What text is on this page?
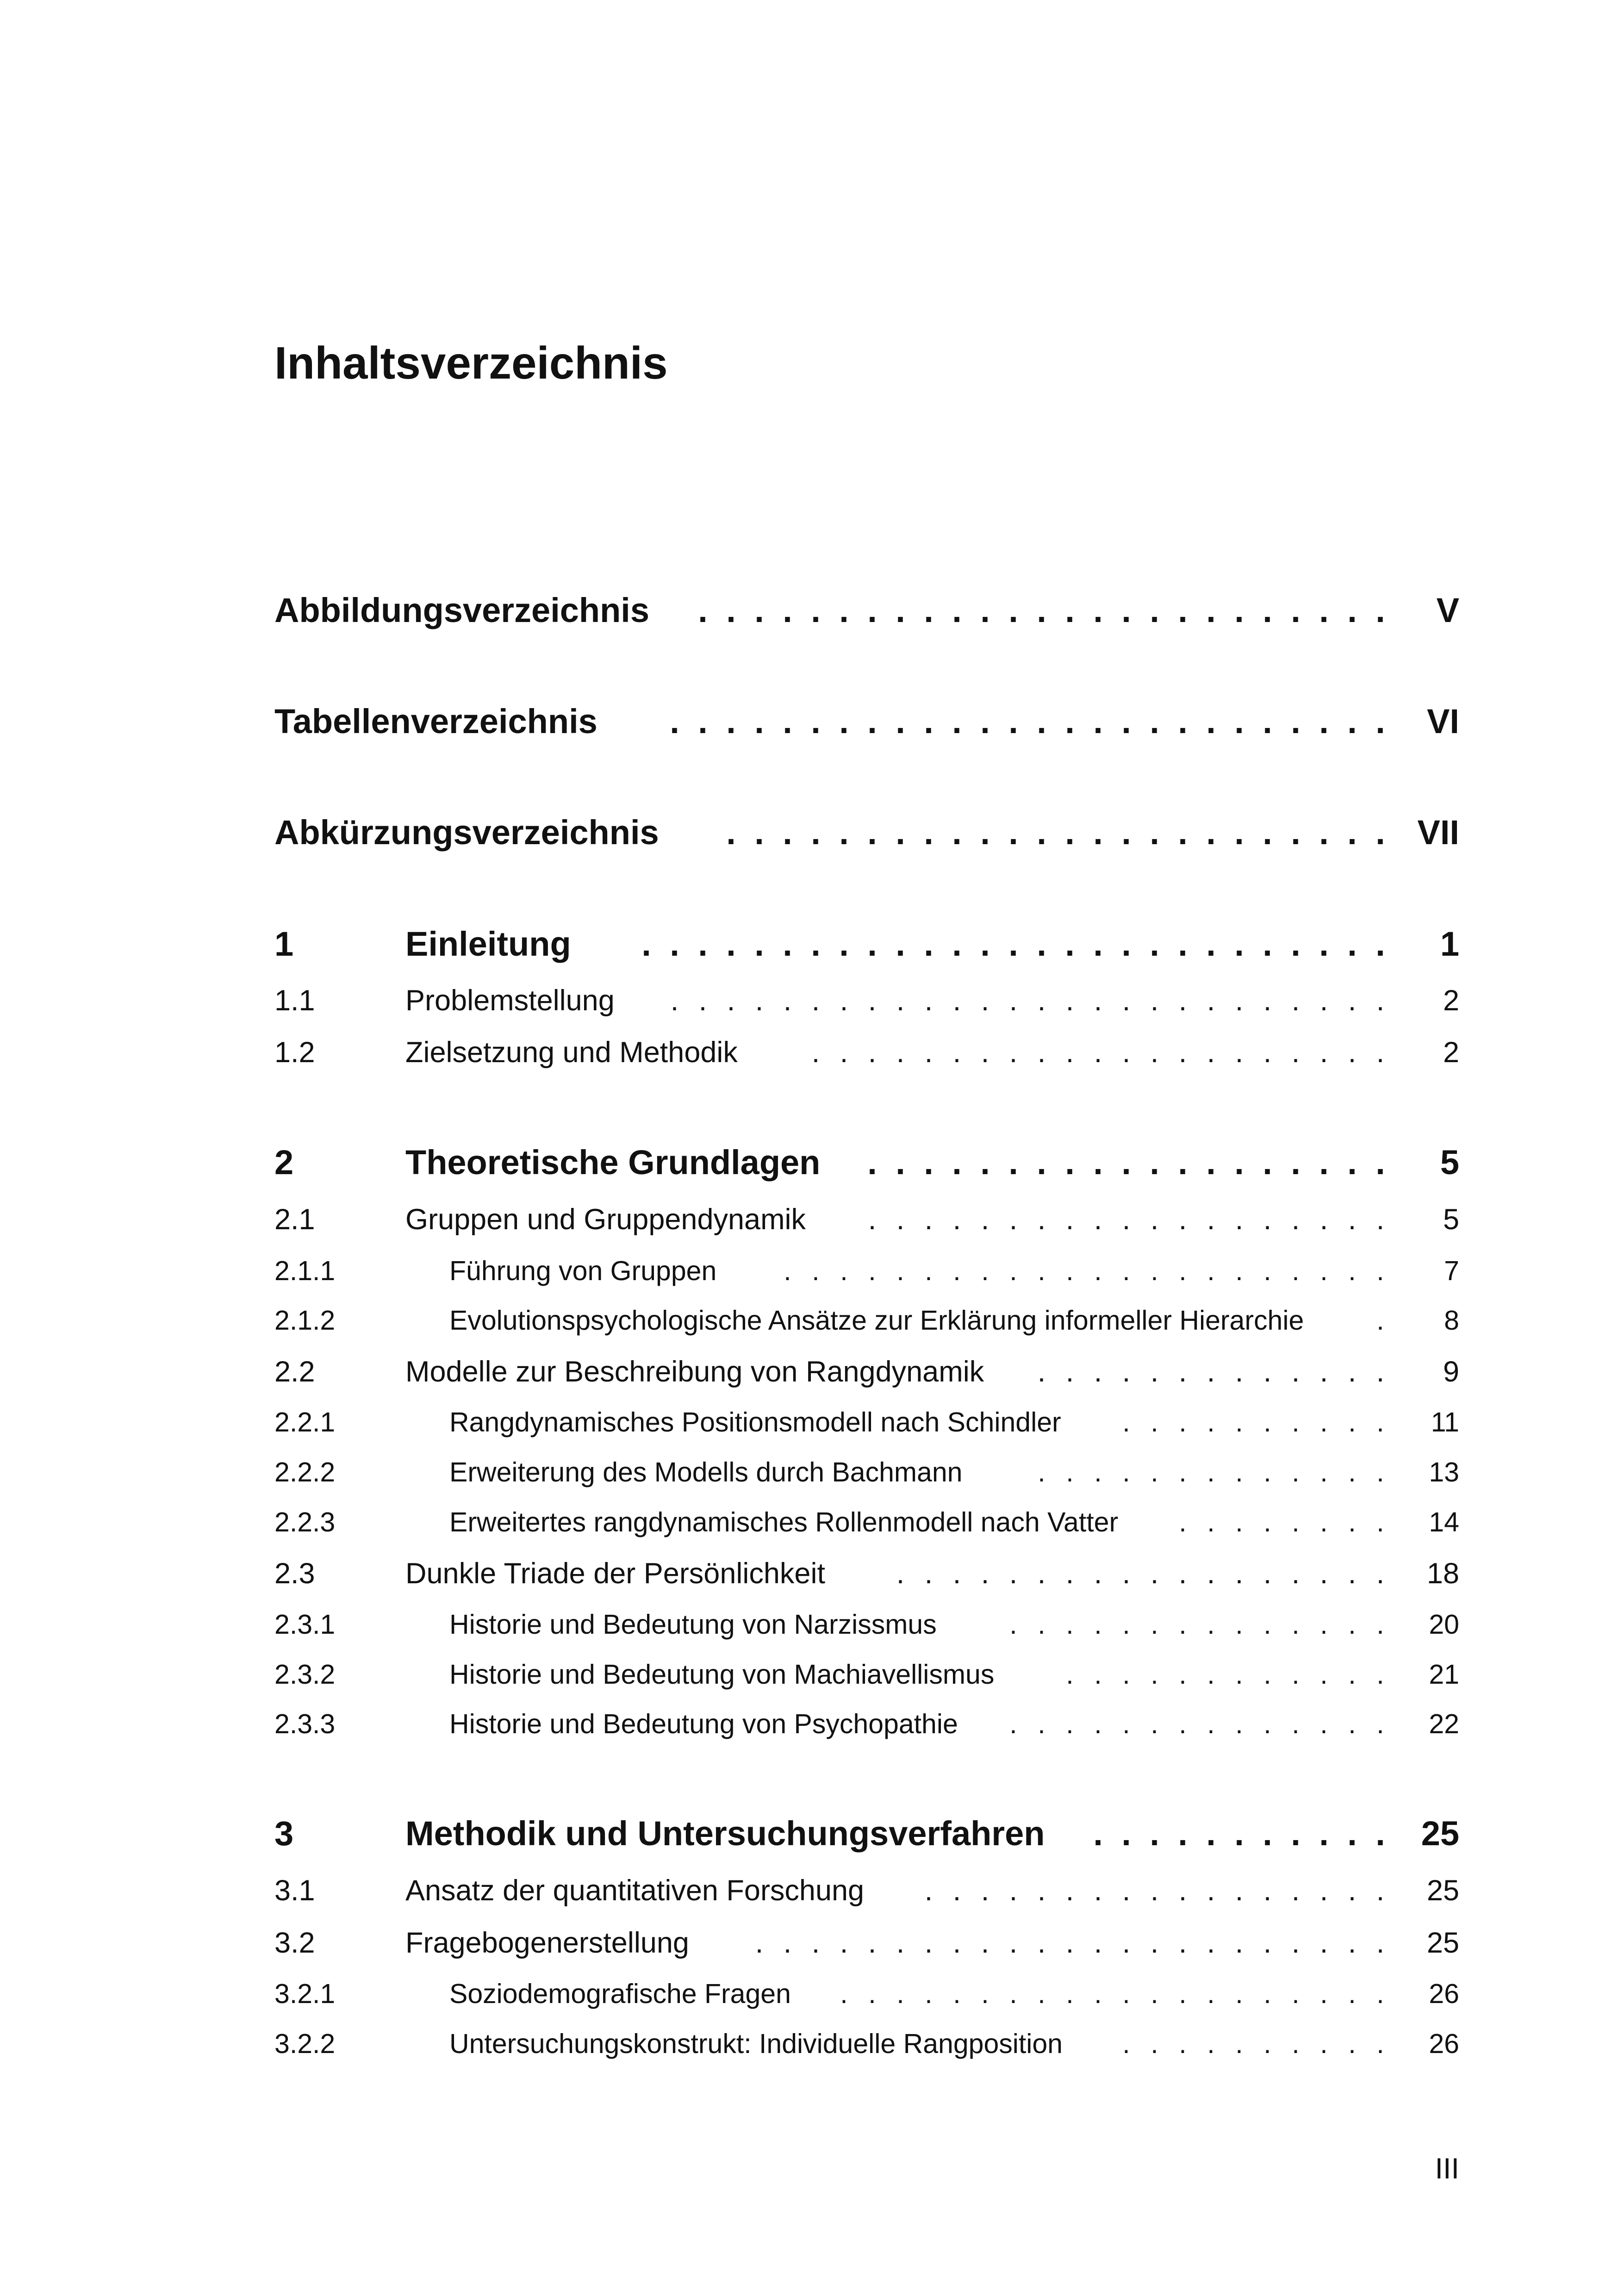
Inhaltsverzeichnis
Abbildungsverzeichnis	V
. . . . . . . . . . . . . . . . . . . . . . . . .
Tabellenverzeichnis	VI
. . . . . . . . . . . . . . . . . . . . . . . . . .
Abkürzungsverzeichnis	VII
. . . . . . . . . . . . . . . . . . . . . . . .
1	Einleitung	1
. . . . . . . . . . . . . . . . . . . . . . . . . . .
1.1	Problemstellung	2
. . . . . . . . . . . . . . . . . . . . . . . . . .
1.2	Zielsetzung und Methodik	2
. . . . . . . . . . . . . . . . . . . . .
2	Theoretische Grundlagen	5
. . . . . . . . . . . . . . . . . . .
2.1	Gruppen und Gruppendynamik	5
. . . . . . . . . . . . . . . . . . .
2.1.1	Führung von Gruppen	7
. . . . . . . . . . . . . . . . . . . . . .
2.1.2	Evolutionspsychologische Ansätze zur Erklärung informeller Hierarchie	8
.
2.2	Modelle zur Beschreibung von Rangdynamik	9
. . . . . . . . . . . . .
2.2.1	Rangdynamisches Positionsmodell nach Schindler	11
. . . . . . . . . .
2.2.2	Erweiterung des Modells durch Bachmann	13
. . . . . . . . . . . . .
2.2.3	Erweitertes rangdynamisches Rollenmodell nach Vatter	14
. . . . . . . .
2.3	Dunkle Triade der Persönlichkeit	18
. . . . . . . . . . . . . . . . . .
2.3.1	Historie und Bedeutung von Narzissmus	20
. . . . . . . . . . . . . .
2.3.2	Historie und Bedeutung von Machiavellismus	21
. . . . . . . . . . . .
2.3.3	Historie und Bedeutung von Psychopathie	22
. . . . . . . . . . . . . .
3	Methodik und Untersuchungsverfahren	25
. . . . . . . . . . .
3.1	Ansatz der quantitativen Forschung	25
. . . . . . . . . . . . . . . . .
3.2	Fragebogenerstellung	25
. . . . . . . . . . . . . . . . . . . . . . .
3.2.1	Soziodemografische Fragen	26
. . . . . . . . . . . . . . . . . . . .
3.2.2	Untersuchungskonstrukt: Individuelle Rangposition	26
. . . . . . . . . .
III
